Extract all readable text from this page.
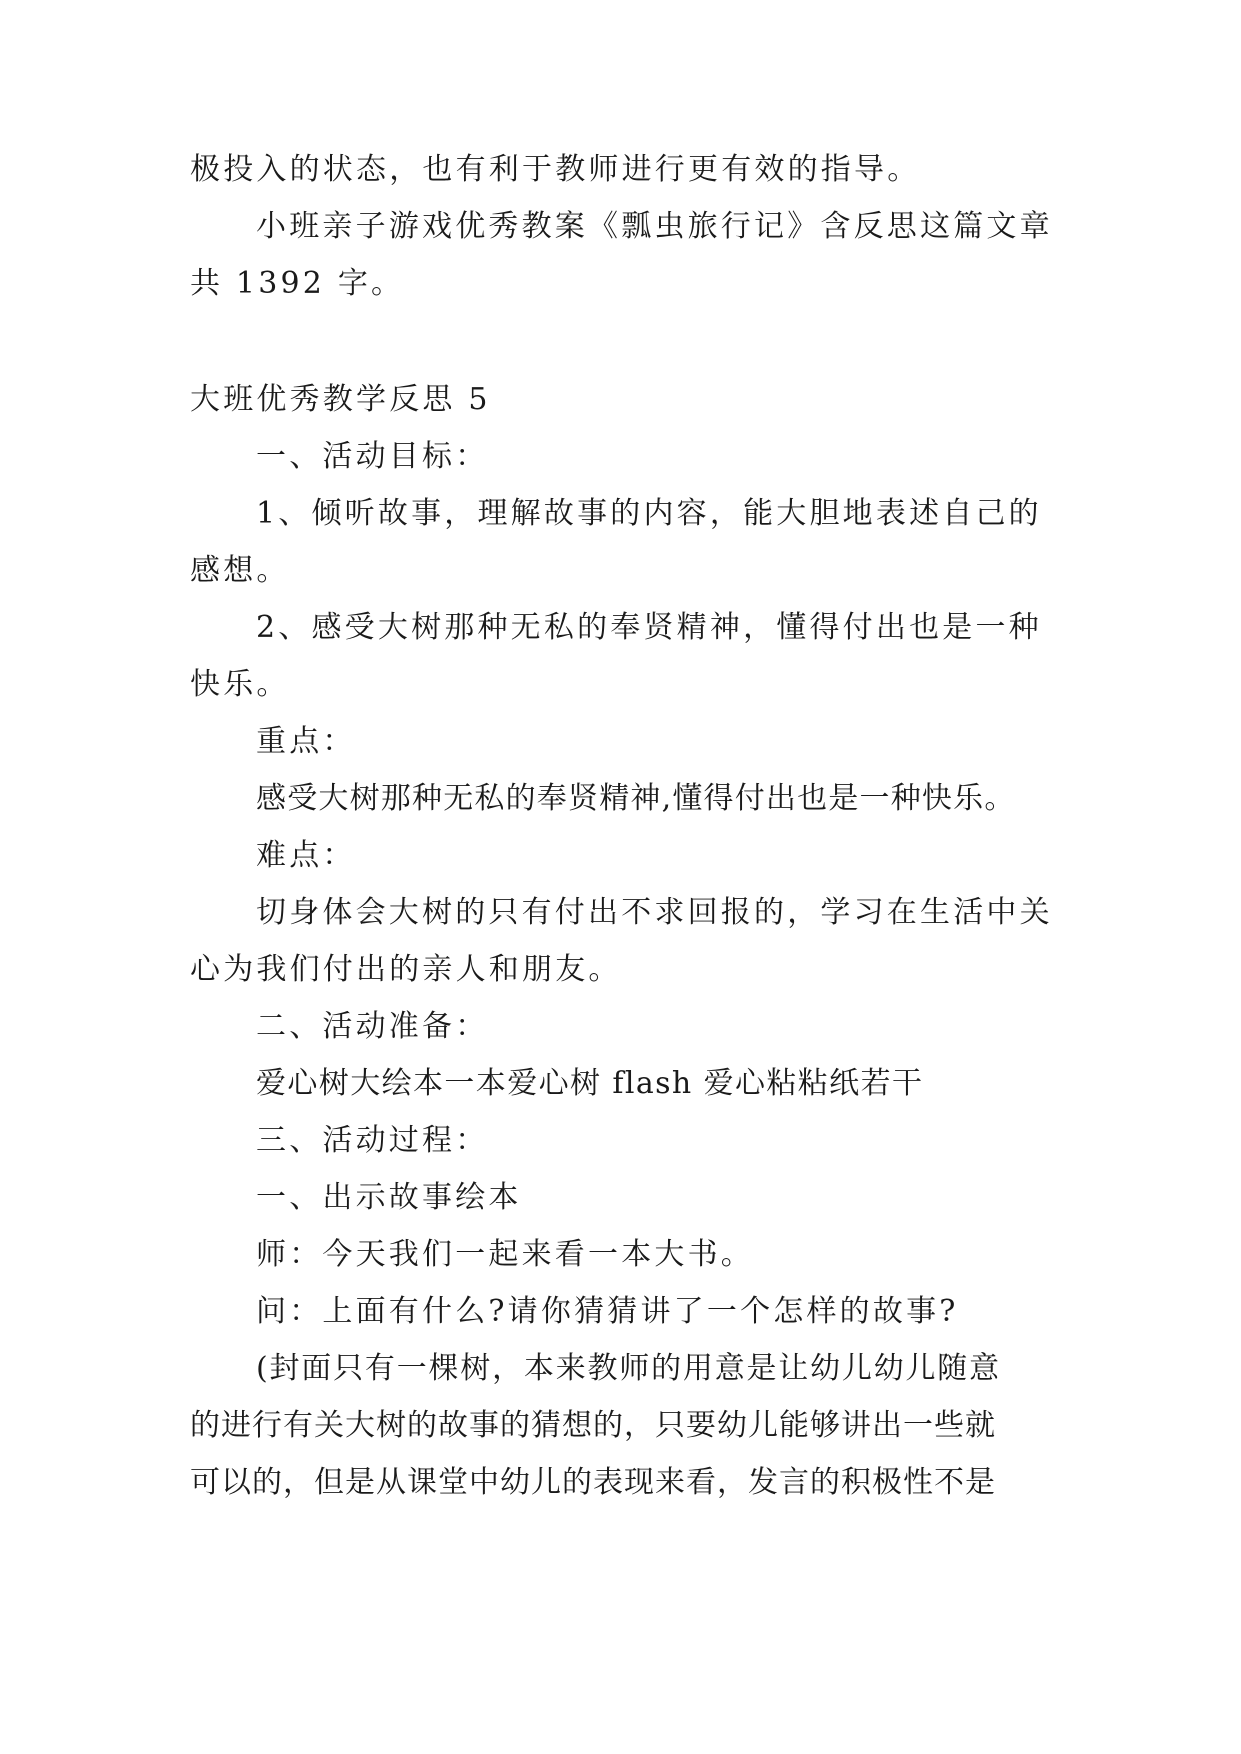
极投入的状态，也有利于教师进行更有效的指导。
小班亲子游戏优秀教案《瓢虫旅行记》含反思这篇文章
共 1392 字。
大班优秀教学反思 5
一、活动目标：
1、倾听故事，理解故事的内容，能大胆地表述自己的
感想。
2、感受大树那种无私的奉贤精神，懂得付出也是一种
快乐。
重点：
感受大树那种无私的奉贤精神,懂得付出也是一种快乐。
难点：
切身体会大树的只有付出不求回报的，学习在生活中关
心为我们付出的亲人和朋友。
二、活动准备：
爱心树大绘本一本爱心树 flash 爱心粘粘纸若干
三、活动过程：
一、出示故事绘本
师：今天我们一起来看一本大书。
问：上面有什么?请你猜猜讲了一个怎样的故事?
(封面只有一棵树，本来教师的用意是让幼儿幼儿随意
的进行有关大树的故事的猜想的，只要幼儿能够讲出一些就
可以的，但是从课堂中幼儿的表现来看，发言的积极性不是
